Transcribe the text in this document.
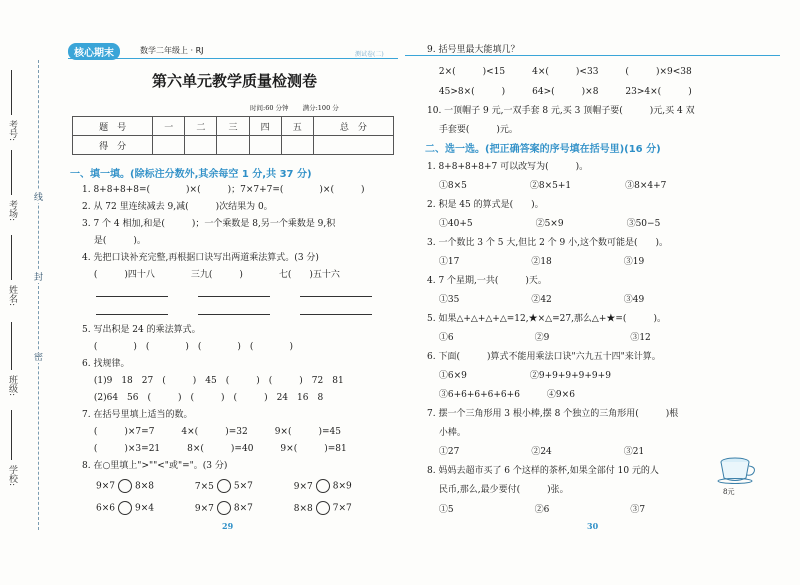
线
封
密
考号:
考场:
姓名:
班级:
学校:
核心期末	数学二年级上 · RJ	测试卷(二)
第六单元教学质量检测卷
时间:60 分钟 满分:100 分
题　号	一	二	三	四	五	总　分
得　分						
一、填一填。(除标注分数外,其余每空 1 分,共 37 分)
1. 8+8+8+8=(　　　　)×(　　　)；7×7+7=(　　　　)×(　　　)
2. 从 72 里连续减去 9,减(　　　)次结果为 0。
3. 7 个 4 相加,和是(　　　)；一个乘数是 8,另一个乘数是 9,积
　 是(　　　)。
4. 先把口诀补充完整,再根据口诀写出两道乘法算式。(3 分)
　 (　　　)四十八　　　　三九(　　　)　　　　七(　　)五十六
5. 写出积是 24 的乘法算式。
　 (　　　　)　(　　　　)　(　　　　)　(　　　　)
6. 找规律。
　 (1)9　18　27　(　　　)　45　(　　　)　(　　　)　72　81
　 (2)64　56　(　　　)　(　　　)　(　　　)　24　16　8
7. 在括号里填上适当的数。
　 (　　　)×7=7　　　4×(　　　)=32　　　9×(　　　)=45
　 (　　　)×3=21　　　8×(　　　)=40　　　9×(　　　)=81
8. 在○里填上">""<"或"="。(3 分)
9×7 8×8	7×5 5×7	9×7 8×9
6×6 9×4	9×7 8×7	8×8 7×7
29
9. 括号里最大能填几？
　 2×(　　　)<15　　　4×(　　　)<33　　　(　　　)×9<38
　 45>8×(　　　)　　　64>(　　　)×8　　　23>4×(　　　)
10. 一顶帽子 9 元,一双手套 8 元,买 3 顶帽子要(　　　)元,买 4 双
　 手套要(　　　)元。
二、选一选。(把正确答案的序号填在括号里)(16 分)
1. 8+8+8+8+7 可以改写为(　　　)。
　 ①8×5　　　　　　　②8×5+1　　　　　　③8×4+7
2. 积是 45 的算式是(　　)。
　 ①40+5　　　　　　　②5×9　　　　　　　③50−5
3. 一个数比 3 个 5 大,但比 2 个 9 小,这个数可能是(　　)。
　 ①17　　　　　　　　②18　　　　　　　　③19
4. 7 个星期,一共(　　　)天。
　 ①35　　　　　　　　②42　　　　　　　　③49
5. 如果△+△+△+△=12,★×△=27,那么△+★=(　　　)。
　 ①6　　　　　　　　　②9　　　　　　　　　③12
6. 下面(　　　)算式不能用乘法口诀"六九五十四"来计算。
　 ①6×9　　　　　　　②9+9+9+9+9+9
　 ③6+6+6+6+6+6　　　④9×6
7. 摆一个三角形用 3 根小棒,摆 8 个独立的三角形用(　　　)根
　 小棒。
　 ①27　　　　　　　　②24　　　　　　　　③21
8. 妈妈去超市买了 6 个这样的茶杯,如果全部付 10 元的人
　 民币,那么,最少要付(　　　)张。
　 ①5　　　　　　　　　②6　　　　　　　　　③7
8元
30
